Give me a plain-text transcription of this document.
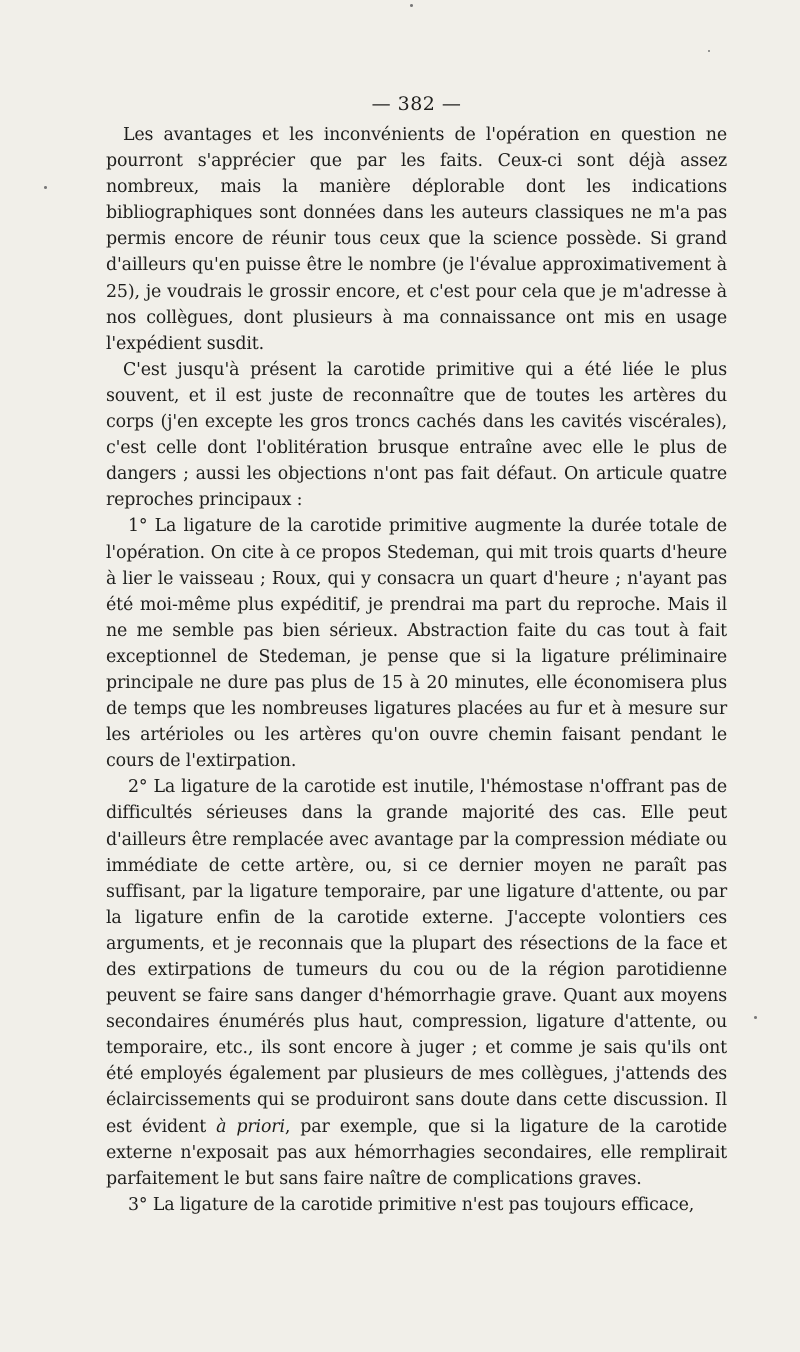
— 382 —

Les avantages et les inconvénients de l'opération en question ne pourront s'apprécier que par les faits. Ceux-ci sont déjà assez nombreux, mais la manière déplorable dont les indications bibliographiques sont données dans les auteurs classiques ne m'a pas permis encore de réunir tous ceux que la science possède. Si grand d'ailleurs qu'en puisse être le nombre (je l'évalue approximativement à 25), je voudrais le grossir encore, et c'est pour cela que je m'adresse à nos collègues, dont plusieurs à ma connaissance ont mis en usage l'expédient susdit.

C'est jusqu'à présent la carotide primitive qui a été liée le plus souvent, et il est juste de reconnaître que de toutes les artères du corps (j'en excepte les gros troncs cachés dans les cavités viscérales), c'est celle dont l'oblitération brusque entraîne avec elle le plus de dangers ; aussi les objections n'ont pas fait défaut. On articule quatre reproches principaux :

1° La ligature de la carotide primitive augmente la durée totale de l'opération. On cite à ce propos Stedeman, qui mit trois quarts d'heure à lier le vaisseau ; Roux, qui y consacra un quart d'heure ; n'ayant pas été moi-même plus expéditif, je prendrai ma part du reproche. Mais il ne me semble pas bien sérieux. Abstraction faite du cas tout à fait exceptionnel de Stedeman, je pense que si la ligature préliminaire principale ne dure pas plus de 15 à 20 minutes, elle économisera plus de temps que les nombreuses ligatures placées au fur et à mesure sur les artérioles ou les artères qu'on ouvre chemin faisant pendant le cours de l'extirpation.

2° La ligature de la carotide est inutile, l'hémostase n'offrant pas de difficultés sérieuses dans la grande majorité des cas. Elle peut d'ailleurs être remplacée avec avantage par la compression médiate ou immédiate de cette artère, ou, si ce dernier moyen ne paraît pas suffisant, par la ligature temporaire, par une ligature d'attente, ou par la ligature enfin de la carotide externe. J'accepte volontiers ces arguments, et je reconnais que la plupart des résections de la face et des extirpations de tumeurs du cou ou de la région parotidienne peuvent se faire sans danger d'hémorrhagie grave. Quant aux moyens secondaires énumérés plus haut, compression, ligature d'attente, ou temporaire, etc., ils sont encore à juger ; et comme je sais qu'ils ont été employés également par plusieurs de mes collègues, j'attends des éclaircissements qui se produiront sans doute dans cette discussion. Il est évident à priori, par exemple, que si la ligature de la carotide externe n'exposait pas aux hémorrhagies secondaires, elle remplirait parfaitement le but sans faire naître de complications graves.

3° La ligature de la carotide primitive n'est pas toujours efficace,
